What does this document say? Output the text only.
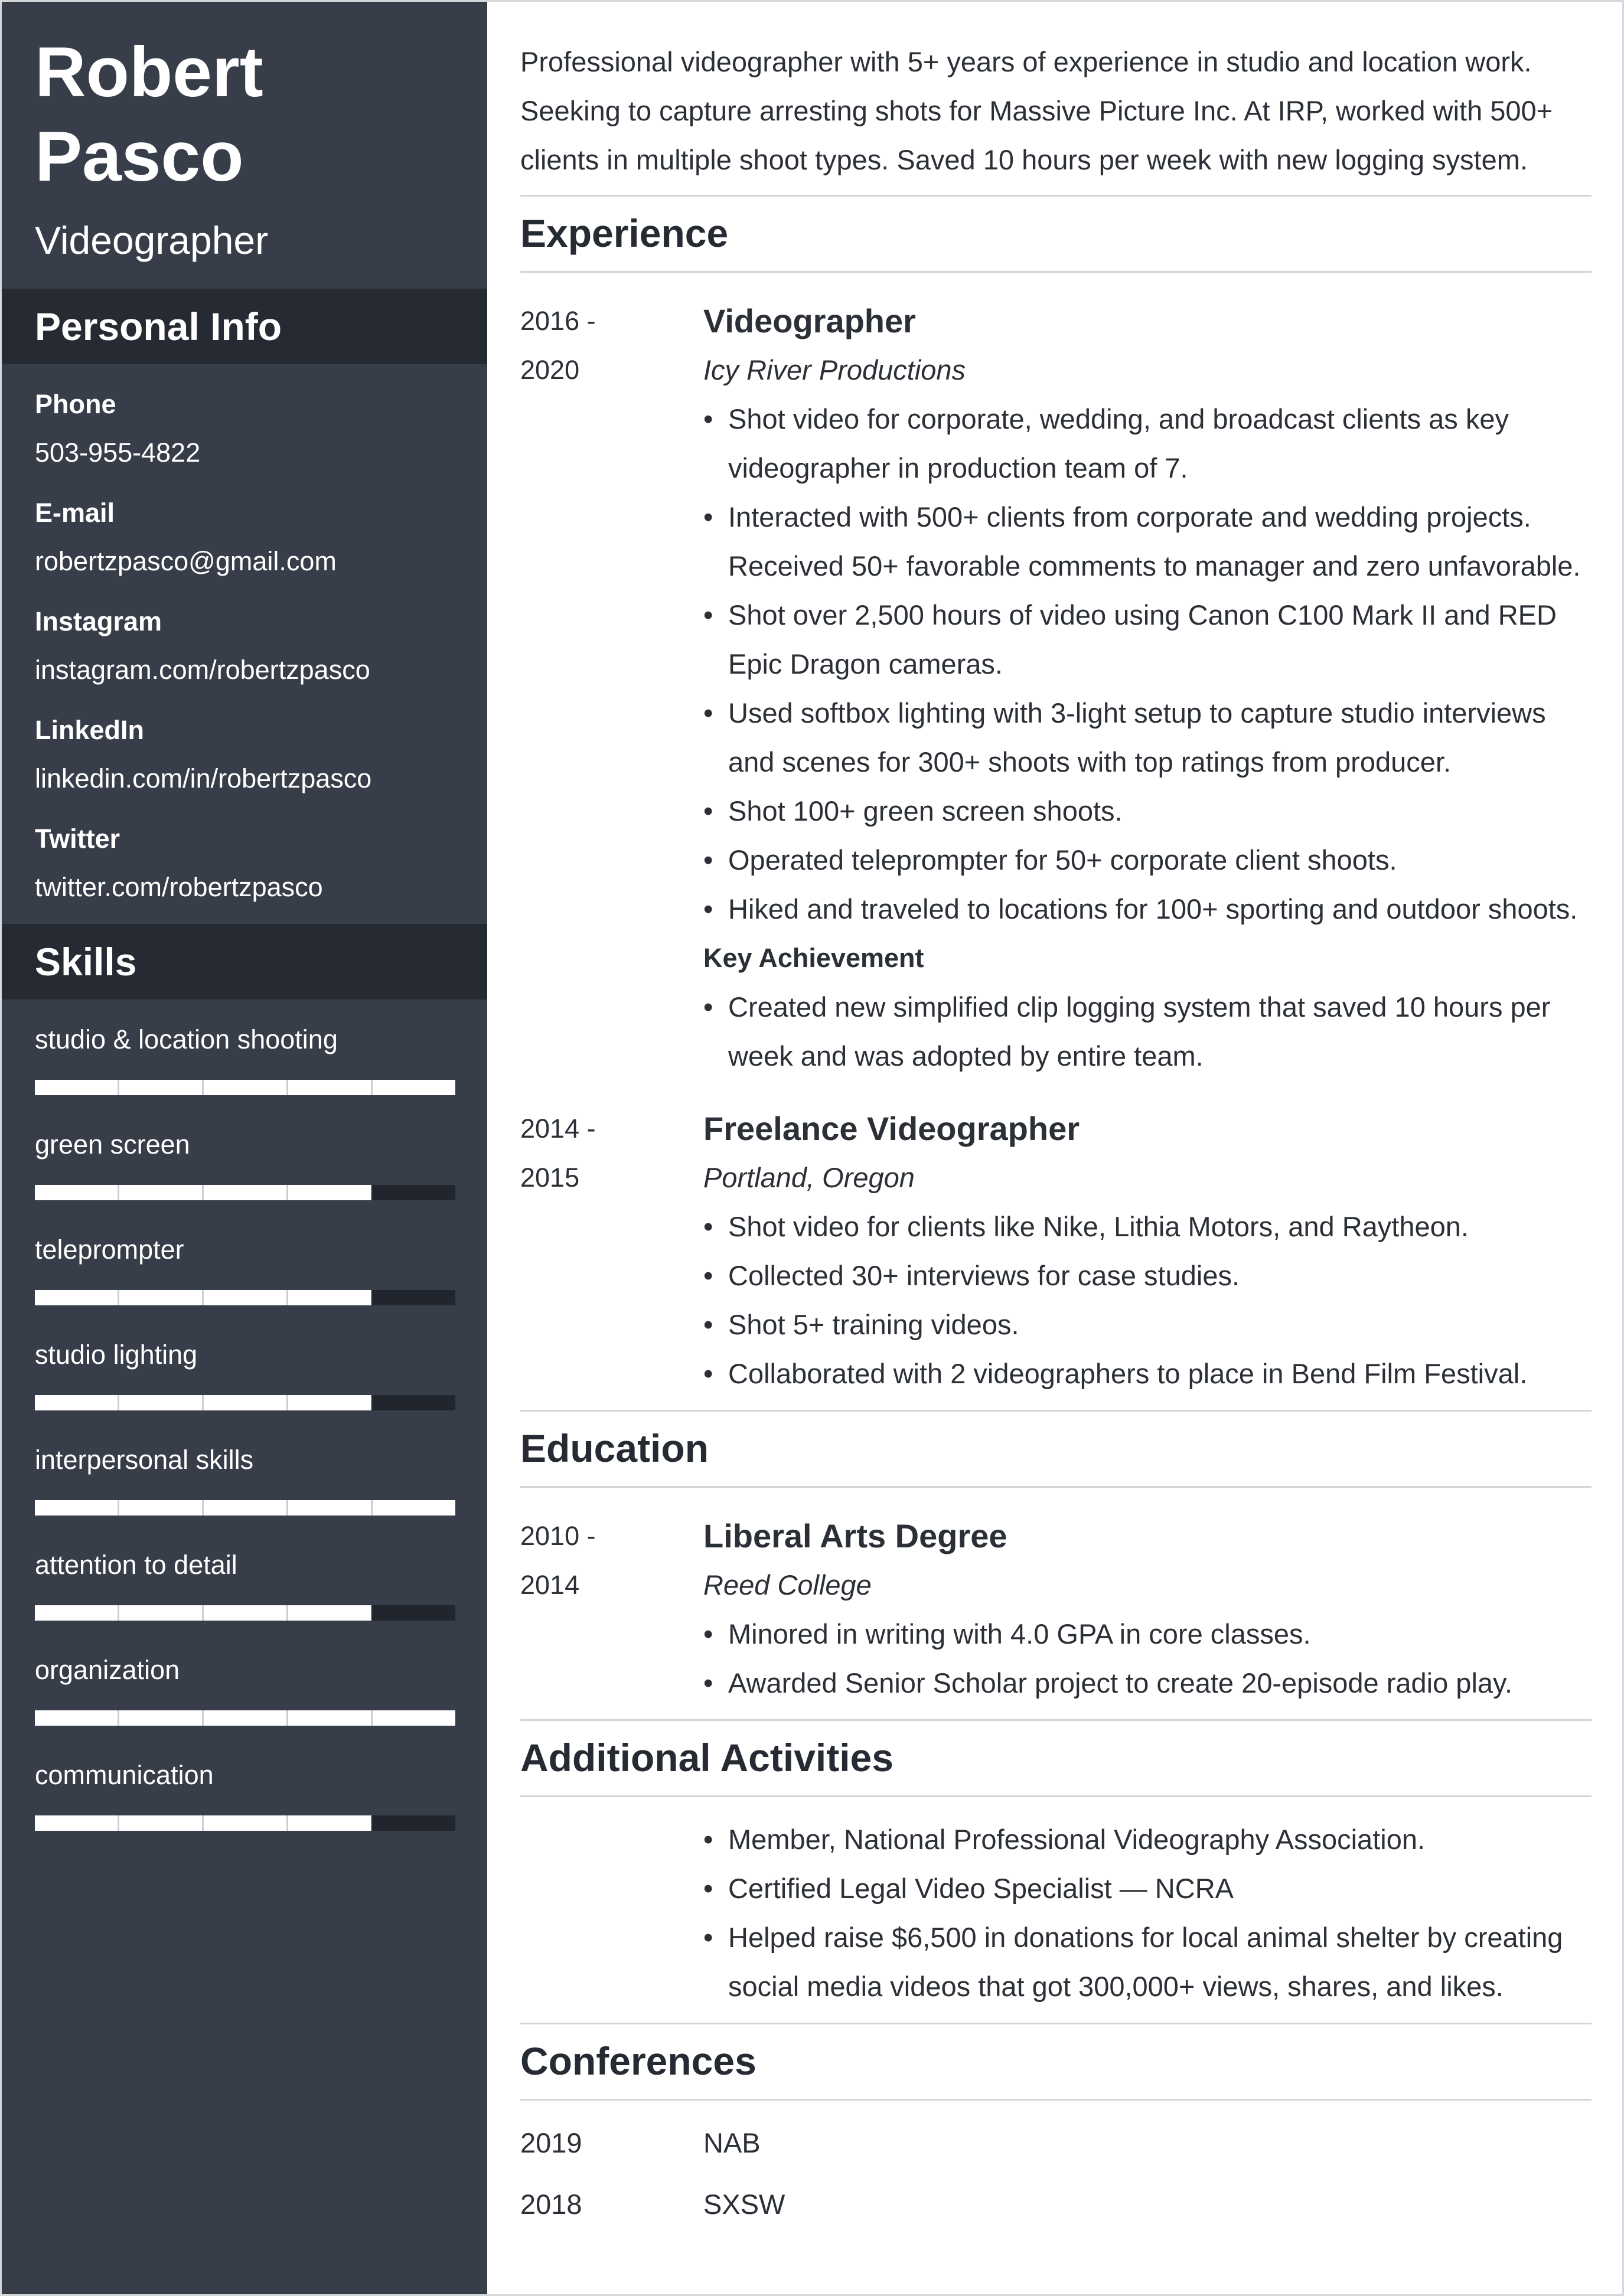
Robert
Pasco
Videographer
Personal Info
Phone
503-955-4822
E-mail
robertzpasco@gmail.com
Instagram
instagram.com/robertzpasco
LinkedIn
linkedin.com/in/robertzpasco
Twitter
twitter.com/robertzpasco
Skills
studio & location shooting
green screen
teleprompter
studio lighting
interpersonal skills
attention to detail
organization
communication
Professional videographer with 5+ years of experience in studio and location work. Seeking to capture arresting shots for Massive Picture Inc. At IRP, worked with 500+ clients in multiple shoot types. Saved 10 hours per week with new logging system.
Experience
2016 -
2020
Videographer
Icy River Productions
• Shot video for corporate, wedding, and broadcast clients as key videographer in production team of 7.
• Interacted with 500+ clients from corporate and wedding projects. Received 50+ favorable comments to manager and zero unfavorable.
• Shot over 2,500 hours of video using Canon C100 Mark II and RED Epic Dragon cameras.
• Used softbox lighting with 3-light setup to capture studio interviews and scenes for 300+ shoots with top ratings from producer.
• Shot 100+ green screen shoots.
• Operated teleprompter for 50+ corporate client shoots.
• Hiked and traveled to locations for 100+ sporting and outdoor shoots.
Key Achievement
• Created new simplified clip logging system that saved 10 hours per week and was adopted by entire team.
2014 -
2015
Freelance Videographer
Portland, Oregon
• Shot video for clients like Nike, Lithia Motors, and Raytheon.
• Collected 30+ interviews for case studies.
• Shot 5+ training videos.
• Collaborated with 2 videographers to place in Bend Film Festival.
Education
2010 -
2014
Liberal Arts Degree
Reed College
• Minored in writing with 4.0 GPA in core classes.
• Awarded Senior Scholar project to create 20-episode radio play.
Additional Activities
• Member, National Professional Videography Association.
• Certified Legal Video Specialist — NCRA
• Helped raise $6,500 in donations for local animal shelter by creating social media videos that got 300,000+ views, shares, and likes.
Conferences
2019	NAB
2018	SXSW
